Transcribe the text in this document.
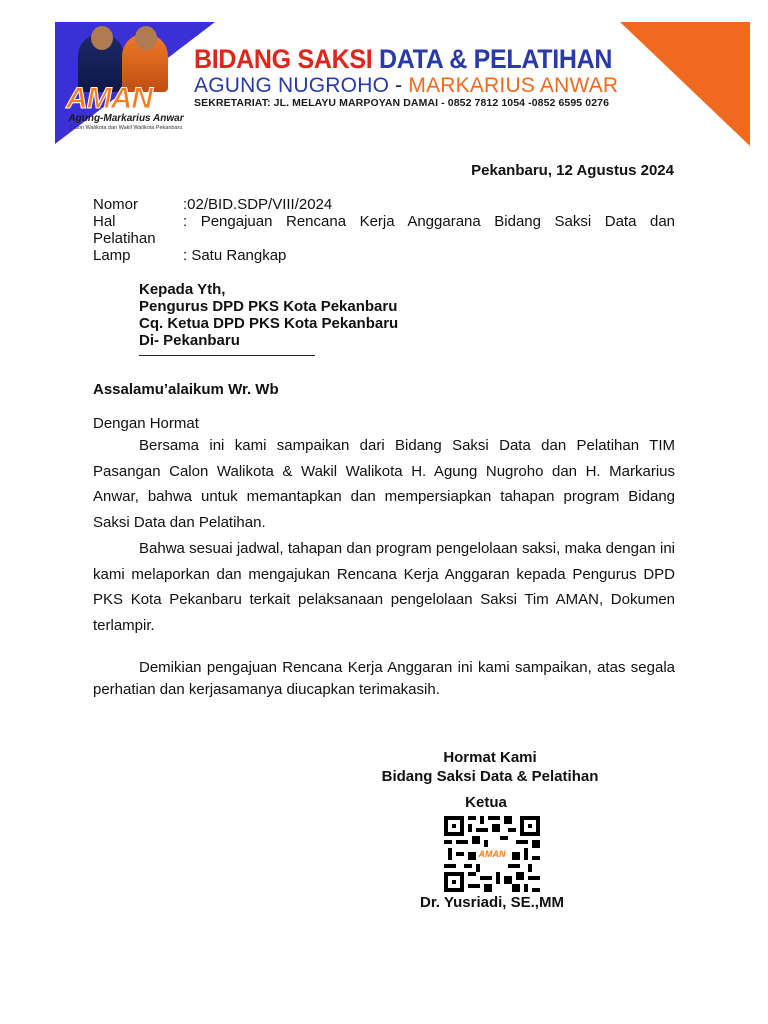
AMAN
Agung-Markarius Anwar
Calon Walikota dan Wakil Walikota Pekanbaru
BIDANG SAKSI DATA & PELATIHAN
AGUNG NUGROHO - MARKARIUS ANWAR
SEKRETARIAT: JL. MELAYU MARPOYAN DAMAI - 0852 7812 1054 -0852 6595 0276
Pekanbaru, 12 Agustus 2024
Nomor	:02/BID.SDP/VIII/2024
Hal	: Pengajuan Rencana Kerja Anggarana Bidang Saksi Data dan
Pelatihan
Lamp	: Satu Rangkap
Kepada Yth,
Pengurus DPD PKS Kota Pekanbaru
Cq. Ketua DPD PKS Kota Pekanbaru
Di- Pekanbaru
Assalamu’alaikum Wr. Wb
Dengan Hormat

Bersama ini kami sampaikan dari Bidang Saksi Data dan Pelatihan TIM Pasangan Calon Walikota & Wakil Walikota H. Agung Nugroho dan H. Markarius Anwar, bahwa untuk memantapkan dan mempersiapkan tahapan program Bidang Saksi Data dan Pelatihan.

Bahwa sesuai jadwal, tahapan dan program pengelolaan saksi, maka dengan ini kami melaporkan dan mengajukan Rencana Kerja Anggaran kepada Pengurus DPD PKS Kota Pekanbaru terkait pelaksanaan pengelolaan Saksi Tim AMAN, Dokumen terlampir.

Demikian pengajuan Rencana Kerja Anggaran ini kami sampaikan, atas segala perhatian dan kerjasamanya diucapkan terimakasih.

Hormat Kami
Bidang Saksi Data & Pelatihan
Ketua
AMAN
Dr. Yusriadi, SE.,MM
